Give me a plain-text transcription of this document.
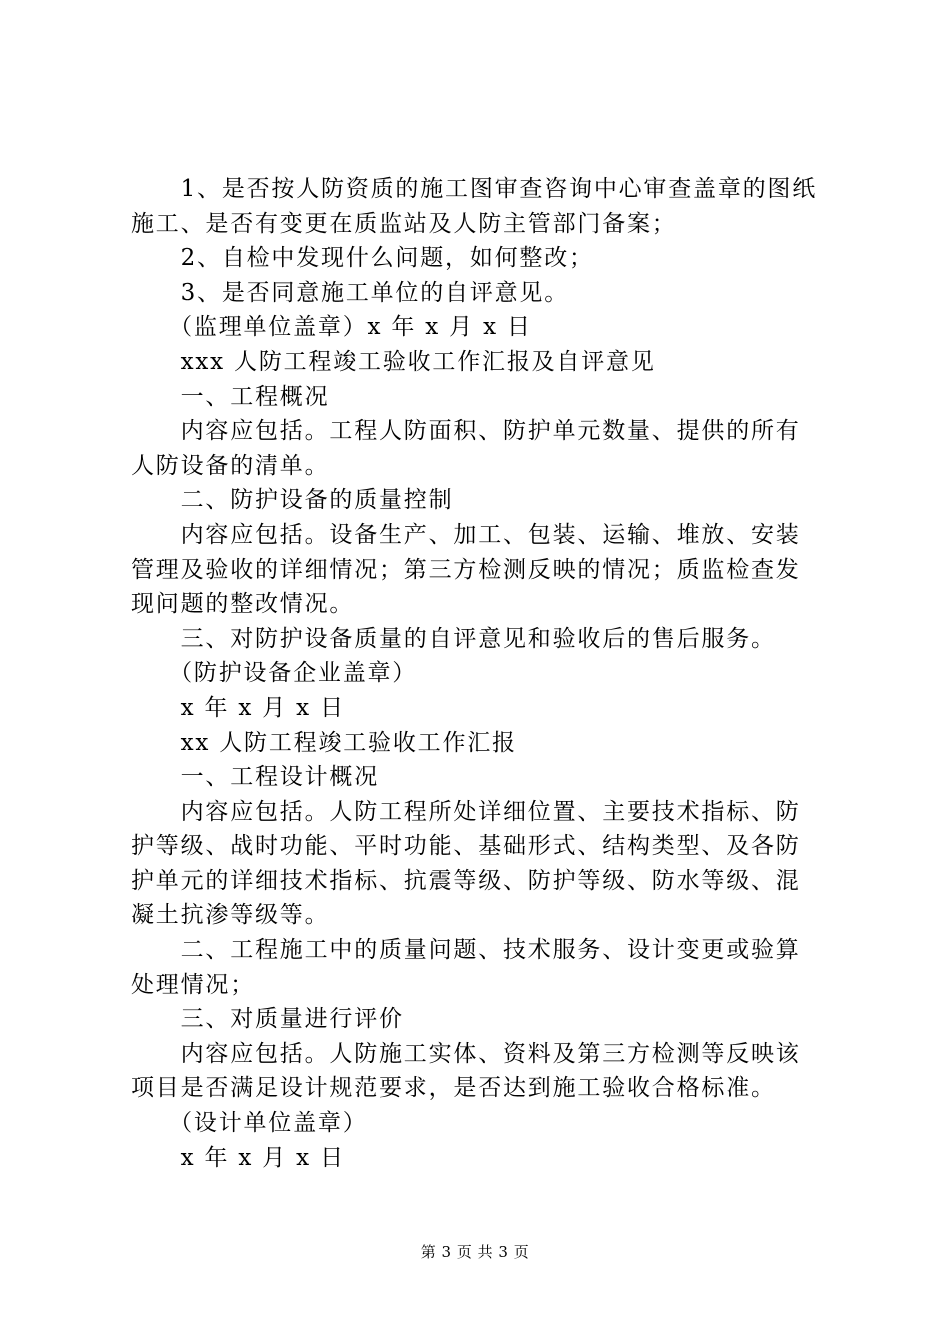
　　1、是否按人防资质的施工图审查咨询中心审查盖章的图纸

施工、是否有变更在质监站及人防主管部门备案；

　　2、自检中发现什么问题，如何整改；

　　3、是否同意施工单位的自评意见。

　　（监理单位盖章）x 年 x 月 x 日

　　xxx 人防工程竣工验收工作汇报及自评意见

　　一、工程概况

　　内容应包括。工程人防面积、防护单元数量、提供的所有

人防设备的清单。

　　二、防护设备的质量控制

　　内容应包括。设备生产、加工、包装、运输、堆放、安装

管理及验收的详细情况；第三方检测反映的情况；质监检查发

现问题的整改情况。

　　三、对防护设备质量的自评意见和验收后的售后服务。

　　（防护设备企业盖章）

　　x 年 x 月 x 日

　　xx 人防工程竣工验收工作汇报

　　一、工程设计概况

　　内容应包括。人防工程所处详细位置、主要技术指标、防

护等级、战时功能、平时功能、基础形式、结构类型、及各防

护单元的详细技术指标、抗震等级、防护等级、防水等级、混

凝土抗渗等级等。

　　二、工程施工中的质量问题、技术服务、设计变更或验算

处理情况；

　　三、对质量进行评价

　　内容应包括。人防施工实体、资料及第三方检测等反映该

项目是否满足设计规范要求，是否达到施工验收合格标准。

　　（设计单位盖章）

　　x 年 x 月 x 日

第 3 页 共 3 页
